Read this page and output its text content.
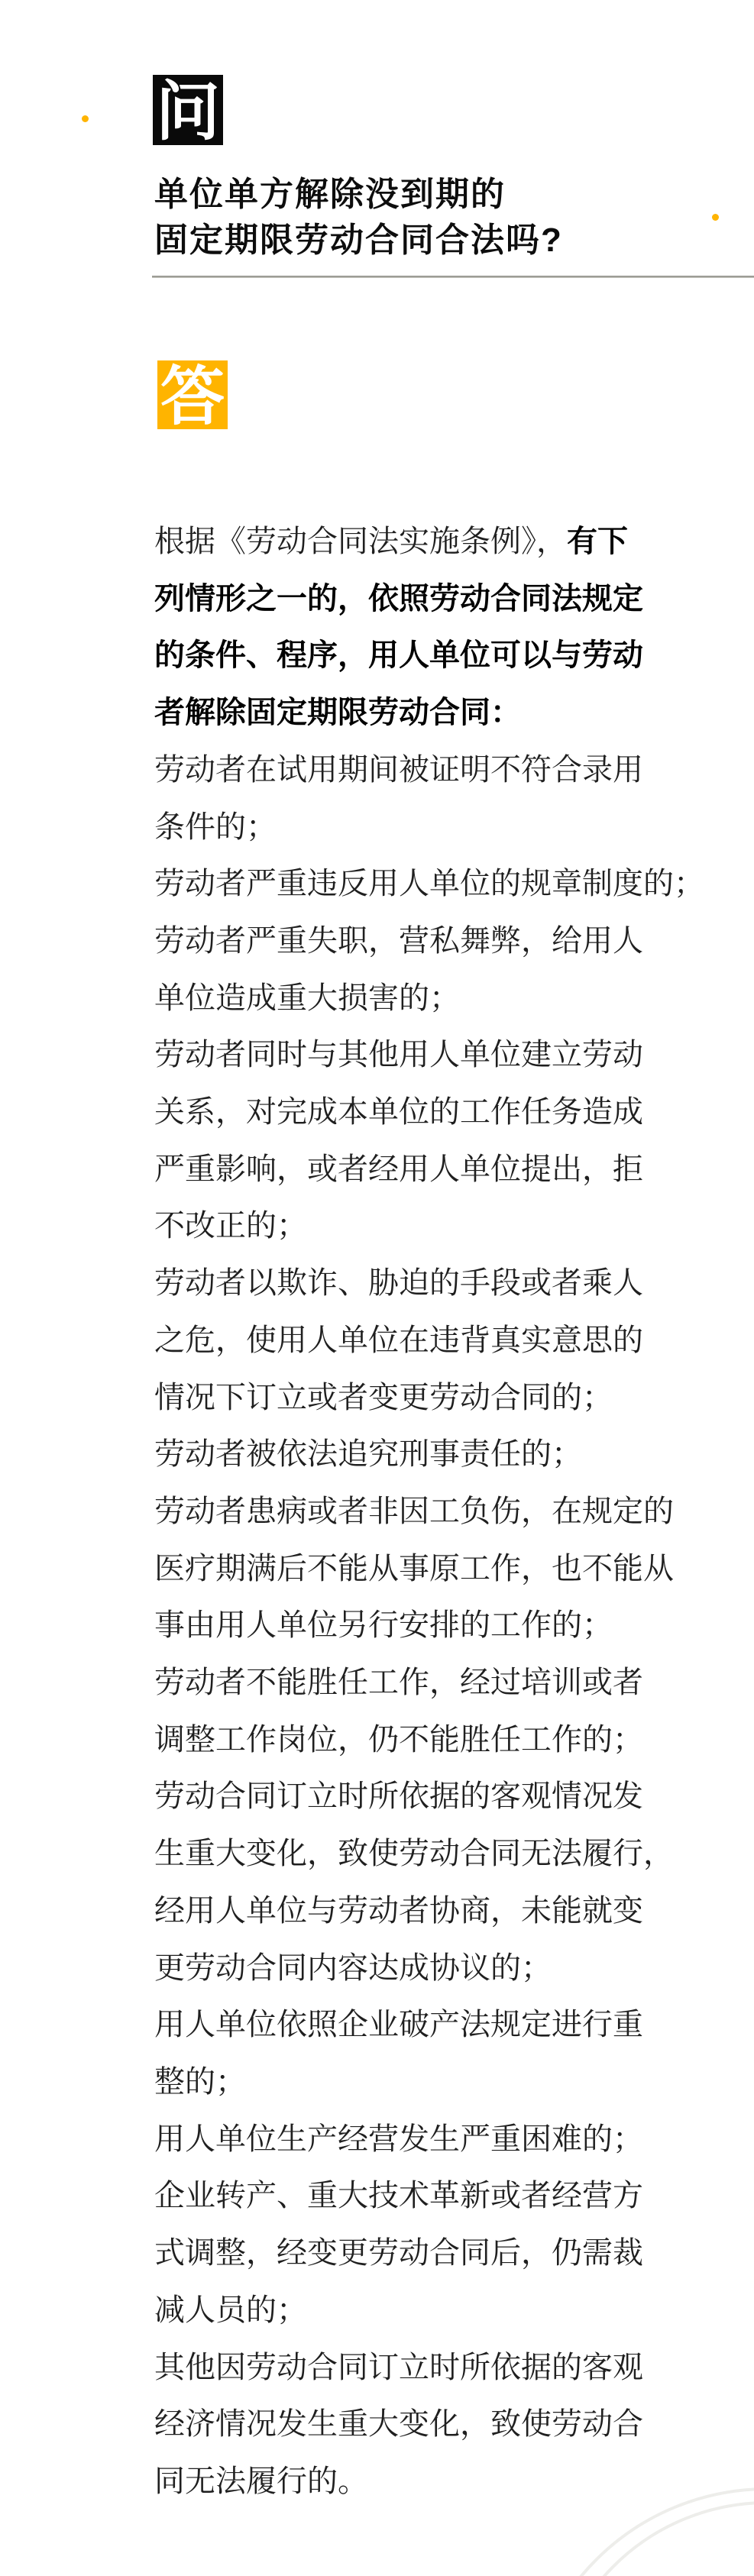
问
单位单方解除没到期的
固定期限劳动合同合法吗?
答
根据《劳动合同法实施条例》，有下
列情形之一的，依照劳动合同法规定
的条件、程序，用人单位可以与劳动
者解除固定期限劳动合同：
劳动者在试用期间被证明不符合录用
条件的；
劳动者严重违反用人单位的规章制度的；
劳动者严重失职，营私舞弊，给用人
单位造成重大损害的；
劳动者同时与其他用人单位建立劳动
关系，对完成本单位的工作任务造成
严重影响，或者经用人单位提出，拒
不改正的；
劳动者以欺诈、胁迫的手段或者乘人
之危，使用人单位在违背真实意思的
情况下订立或者变更劳动合同的；
劳动者被依法追究刑事责任的；
劳动者患病或者非因工负伤，在规定的
医疗期满后不能从事原工作，也不能从
事由用人单位另行安排的工作的；
劳动者不能胜任工作，经过培训或者
调整工作岗位，仍不能胜任工作的；
劳动合同订立时所依据的客观情况发
生重大变化，致使劳动合同无法履行，
经用人单位与劳动者协商，未能就变
更劳动合同内容达成协议的；
用人单位依照企业破产法规定进行重
整的；
用人单位生产经营发生严重困难的；
企业转产、重大技术革新或者经营方
式调整，经变更劳动合同后，仍需裁
减人员的；
其他因劳动合同订立时所依据的客观
经济情况发生重大变化，致使劳动合
同无法履行的。
